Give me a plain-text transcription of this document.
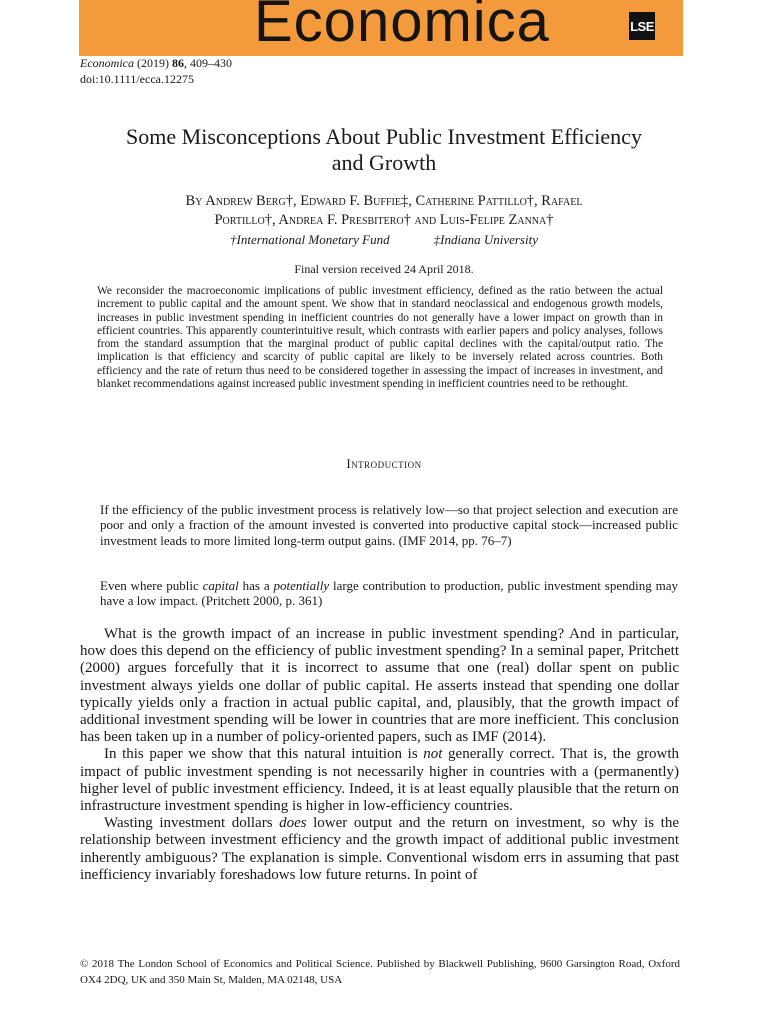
Economica	LSE
Economica (2019) 86, 409–430
doi:10.1111/ecca.12275
Some Misconceptions About Public Investment Efficiency
and Growth
By Andrew Berg†, Edward F. Buffie‡, Catherine Pattillo†, Rafael
Portillo†, Andrea F. Presbitero† and Luis-Felipe Zanna†
†International Monetary Fund	‡Indiana University
Final version received 24 April 2018.

We reconsider the macroeconomic implications of public investment efficiency, defined as the ratio between the actual increment to public capital and the amount spent. We show that in standard neoclassical and endogenous growth models, increases in public investment spending in inefficient countries do not generally have a lower impact on growth than in efficient countries. This apparently counterintuitive result, which contrasts with earlier papers and policy analyses, follows from the standard assumption that the marginal product of public capital declines with the capital/output ratio. The implication is that efficiency and scarcity of public capital are likely to be inversely related across countries. Both efficiency and the rate of return thus need to be considered together in assessing the impact of increases in investment, and blanket recommendations against increased public investment spending in inefficient countries need to be rethought.

Introduction

If the efficiency of the public investment process is relatively low—so that project selection and execution are poor and only a fraction of the amount invested is converted into productive capital stock—increased public investment leads to more limited long-term output gains. (IMF 2014, pp. 76–7)

Even where public capital has a potentially large contribution to production, public investment spending may have a low impact. (Pritchett 2000, p. 361)

What is the growth impact of an increase in public investment spending? And in particular, how does this depend on the efficiency of public investment spending? In a seminal paper, Pritchett (2000) argues forcefully that it is incorrect to assume that one (real) dollar spent on public investment always yields one dollar of public capital. He asserts instead that spending one dollar typically yields only a fraction in actual public capital, and, plausibly, that the growth impact of additional investment spending will be lower in countries that are more inefficient. This conclusion has been taken up in a number of policy-oriented papers, such as IMF (2014).

In this paper we show that this natural intuition is not generally correct. That is, the growth impact of public investment spending is not necessarily higher in countries with a (permanently) higher level of public investment efficiency. Indeed, it is at least equally plausible that the return on infrastructure investment spending is higher in low-efficiency countries.

Wasting investment dollars does lower output and the return on investment, so why is the relationship between investment efficiency and the growth impact of additional public investment inherently ambiguous? The explanation is simple. Conventional wisdom errs in assuming that past inefficiency invariably foreshadows low future returns. In point of

© 2018 The London School of Economics and Political Science. Published by Blackwell Publishing, 9600 Garsington Road, Oxford OX4 2DQ, UK and 350 Main St, Malden, MA 02148, USA
